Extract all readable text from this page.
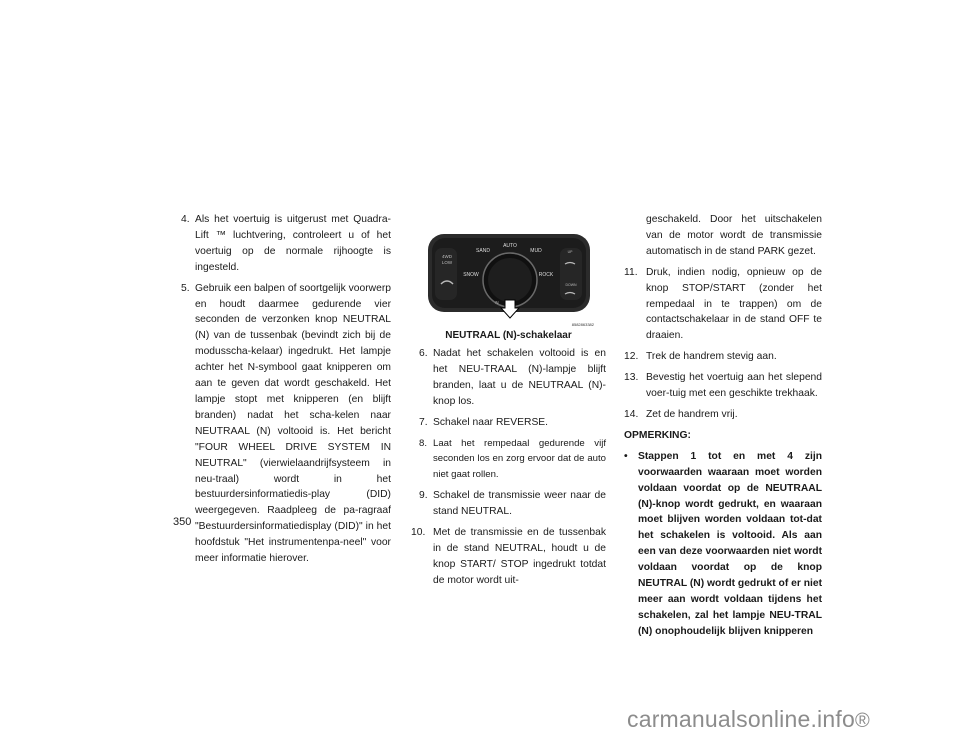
4. Als het voertuig is uitgerust met Quadra-Lift ™ luchtvering, controleert u of het voertuig op de normale rijhoogte is ingesteld.
5. Gebruik een balpen of soortgelijk voorwerp en houdt daarmee gedurende vier seconden de verzonken knop NEUTRAL (N) van de tussenbak (bevindt zich bij de modusscha-kelaar) ingedrukt. Het lampje achter het N-symbool gaat knipperen om aan te geven dat wordt geschakeld. Het lampje stopt met knipperen (en blijft branden) nadat het scha-kelen naar NEUTRAAL (N) voltooid is. Het bericht "FOUR WHEEL DRIVE SYSTEM IN NEUTRAL" (vierwielaandrijfsysteem in neu-traal) wordt in het bestuurdersinformatiedis-play (DID) weergegeven. Raadpleeg de pa-ragraaf "Bestuurdersinformatiedisplay (DID)" in het hoofdstuk "Het instrumentenpa-neel" voor meer informatie hierover.
AUTO
SAND	MUD
SNOW	ROCK
4WD
LOW
N
UP
DOWN
8582863382
NEUTRAAL (N)-schakelaar
6. Nadat het schakelen voltooid is en het NEU-TRAAL (N)-lampje blijft branden, laat u de NEUTRAAL (N)-knop los.
7. Schakel naar REVERSE.
8. Laat het rempedaal gedurende vijf seconden los en zorg ervoor dat de auto niet gaat rollen.
9. Schakel de transmissie weer naar de stand NEUTRAL.
10. Met de transmissie en de tussenbak in de stand NEUTRAL, houdt u de knop START/ STOP ingedrukt totdat de motor wordt uit-
geschakeld. Door het uitschakelen van de motor wordt de transmissie automatisch in de stand PARK gezet.
11. Druk, indien nodig, opnieuw op de knop STOP/START (zonder het rempedaal in te trappen) om de contactschakelaar in de stand OFF te draaien.
12. Trek de handrem stevig aan.
13. Bevestig het voertuig aan het slepend voer-tuig met een geschikte trekhaak.
14. Zet de handrem vrij.
OPMERKING:
• Stappen 1 tot en met 4 zijn voorwaarden waaraan moet worden voldaan voordat op de NEUTRAAL (N)-knop wordt gedrukt, en waaraan moet blijven worden voldaan tot-dat het schakelen is voltooid. Als aan een van deze voorwaarden niet wordt voldaan voordat op de knop NEUTRAL (N) wordt gedrukt of er niet meer aan wordt voldaan tijdens het schakelen, zal het lampje NEU-TRAL (N) onophoudelijk blijven knipperen
350
carmanualsonline.info®
